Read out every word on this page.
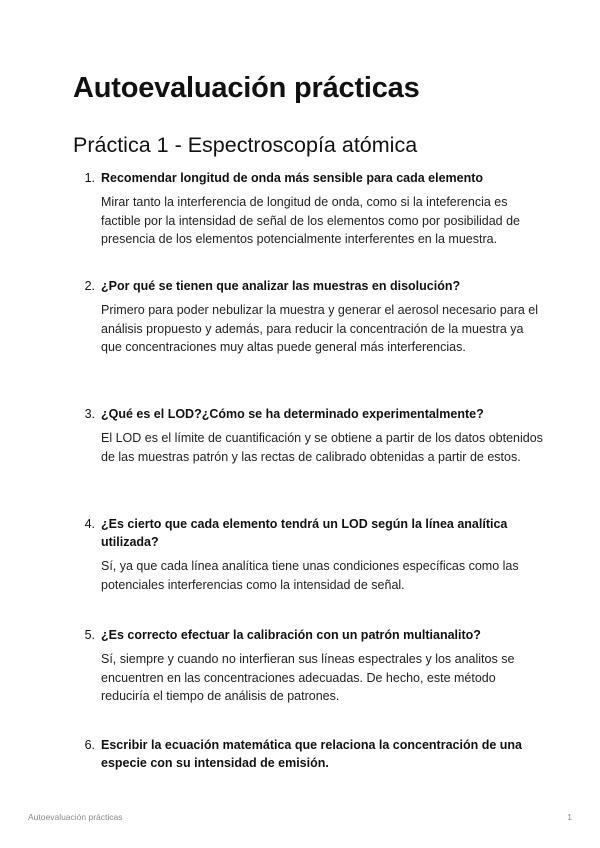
Autoevaluación prácticas
Práctica 1 - Espectroscopía atómica
1. Recomendar longitud de onda más sensible para cada elemento
Mirar tanto la interferencia de longitud de onda, como si la inteferencia es factible por la intensidad de señal de los elementos como por posibilidad de presencia de los elementos potencialmente interferentes en la muestra.
2. ¿Por qué se tienen que analizar las muestras en disolución?
Primero para poder nebulizar la muestra y generar el aerosol necesario para el análisis propuesto y además, para reducir la concentración de la muestra ya que concentraciones muy altas puede general más interferencias.
3. ¿Qué es el LOD?¿Cómo se ha determinado experimentalmente?
El LOD es el límite de cuantificación y se obtiene a partir de los datos obtenidos de las muestras patrón y las rectas de calibrado obtenidas a partir de estos.
4. ¿Es cierto que cada elemento tendrá un LOD según la línea analítica utilizada?
Sí, ya que cada línea analítica tiene unas condiciones específicas como las potenciales interferencias como la intensidad de señal.
5. ¿Es correcto efectuar la calibración con un patrón multianalito?
Sí, siempre y cuando no interfieran sus líneas espectrales y los analitos se encuentren en las concentraciones adecuadas. De hecho, este método reduciría el tiempo de análisis de patrones.
6. Escribir la ecuación matemática que relaciona la concentración de una especie con su intensidad de emisión.
Autoevaluación prácticas	1
